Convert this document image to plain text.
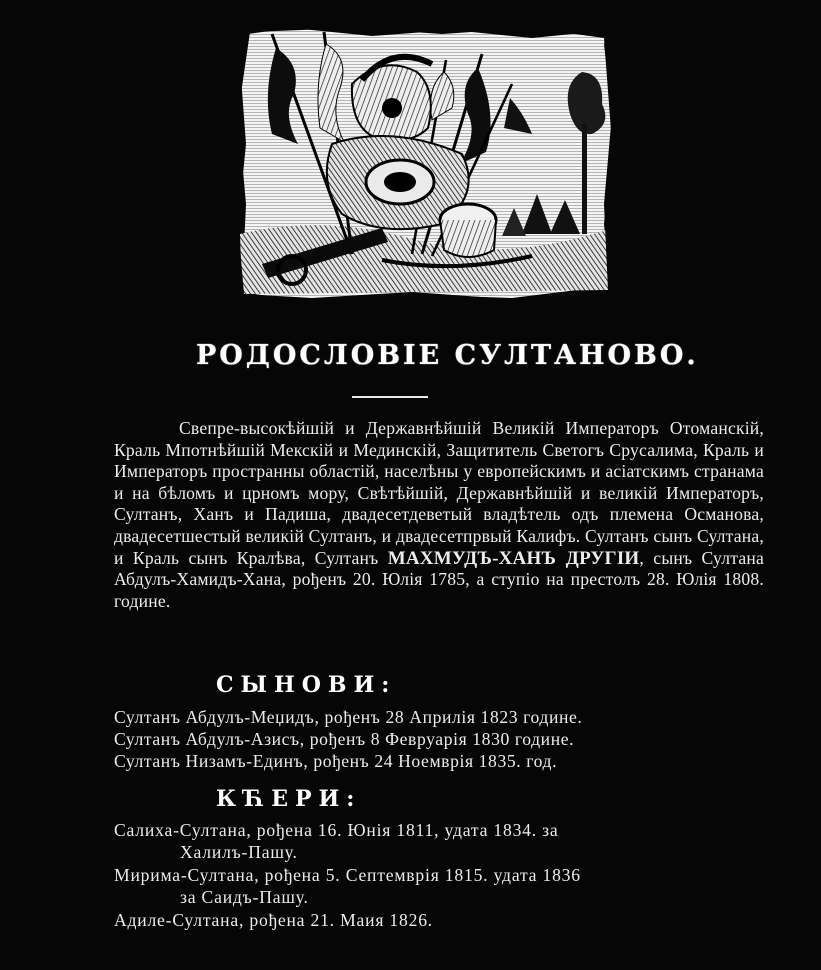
РОДОСЛОВІЕ СУЛТАНОВО.
Свепре-высокѣйшій и Державнѣйшій Великій Императоръ Отоманскій, Краль Мпотнѣйшій Мекскій и Мединскій, Защититель Светогъ Срусалима, Краль и Императоръ пространны областій, населѣны у европейскимъ и асіатскимъ странама и на бѣломъ и црномъ мору, Свѣтѣйшій, Державнѣйшій и великій Императоръ, Султанъ, Ханъ и Падиша, двадесетдеветый владѣтель одъ племена Османова, двадесетшестый великій Султанъ, и двадесетпрвый Калифъ. Султанъ сынъ Султана, и Краль сынъ Кралѣва, Султанъ МАХМУДЪ-ХАНЪ ДРУГІИ, сынъ Султана Абдулъ-Хамидъ-Хана, рођенъ 20. Юлія 1785, а ступіо на престолъ 28. Юлія 1808. године.
СЫНОВИ:
Султанъ Абдулъ-Меџидъ, рођенъ 28 Априлія 1823 године.
Султанъ Абдулъ-Азисъ, рођенъ 8 Февруарія 1830 године.
Султанъ Низамъ-Единъ, рођенъ 24 Ноемврія 1835. год.
КЋЕРИ:
Салиха-Султана, рођена 16. Юнія 1811, удата 1834. за
Халилъ-Пашу.
Мирима-Султана, рођена 5. Септемврія 1815. удата 1836
за Саидъ-Пашу.
Адиле-Султана, рођена 21. Маия 1826.
